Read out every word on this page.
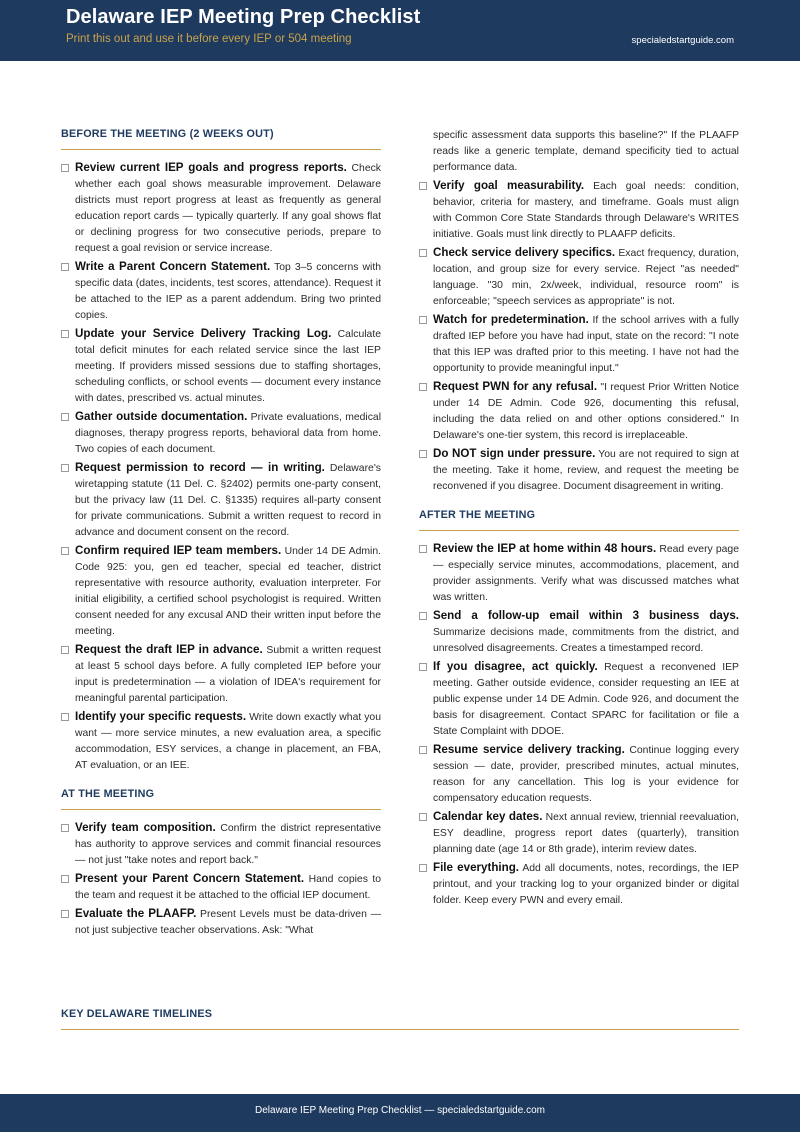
Delaware IEP Meeting Prep Checklist
Print this out and use it before every IEP or 504 meeting	specialedstartguide.com
BEFORE THE MEETING (2 WEEKS OUT)
Review current IEP goals and progress reports. Check whether each goal shows measurable improvement. Delaware districts must report progress at least as frequently as general education report cards — typically quarterly. If any goal shows flat or declining progress for two consecutive periods, prepare to request a goal revision or service increase.
Write a Parent Concern Statement. Top 3–5 concerns with specific data (dates, incidents, test scores, attendance). Request it be attached to the IEP as a parent addendum. Bring two printed copies.
Update your Service Delivery Tracking Log. Calculate total deficit minutes for each related service since the last IEP meeting. If providers missed sessions due to staffing shortages, scheduling conflicts, or school events — document every instance with dates, prescribed vs. actual minutes.
Gather outside documentation. Private evaluations, medical diagnoses, therapy progress reports, behavioral data from home. Two copies of each document.
Request permission to record — in writing. Delaware's wiretapping statute (11 Del. C. §2402) permits one-party consent, but the privacy law (11 Del. C. §1335) requires all-party consent for private communications. Submit a written request to record in advance and document consent on the record.
Confirm required IEP team members. Under 14 DE Admin. Code 925: you, gen ed teacher, special ed teacher, district representative with resource authority, evaluation interpreter. For initial eligibility, a certified school psychologist is required. Written consent needed for any excusal AND their written input before the meeting.
Request the draft IEP in advance. Submit a written request at least 5 school days before. A fully completed IEP before your input is predetermination — a violation of IDEA's requirement for meaningful parental participation.
Identify your specific requests. Write down exactly what you want — more service minutes, a new evaluation area, a specific accommodation, ESY services, a change in placement, an FBA, AT evaluation, or an IEE.
AT THE MEETING
Verify team composition. Confirm the district representative has authority to approve services and commit financial resources — not just "take notes and report back."
Present your Parent Concern Statement. Hand copies to the team and request it be attached to the official IEP document.
Evaluate the PLAAFP. Present Levels must be data-driven — not just subjective teacher observations. Ask: "What
specific assessment data supports this baseline?" If the PLAAFP reads like a generic template, demand specificity tied to actual performance data.
Verify goal measurability. Each goal needs: condition, behavior, criteria for mastery, and timeframe. Goals must align with Common Core State Standards through Delaware's WRITES initiative. Goals must link directly to PLAAFP deficits.
Check service delivery specifics. Exact frequency, duration, location, and group size for every service. Reject "as needed" language. "30 min, 2x/week, individual, resource room" is enforceable; "speech services as appropriate" is not.
Watch for predetermination. If the school arrives with a fully drafted IEP before you have had input, state on the record: "I note that this IEP was drafted prior to this meeting. I have not had the opportunity to provide meaningful input."
Request PWN for any refusal. "I request Prior Written Notice under 14 DE Admin. Code 926, documenting this refusal, including the data relied on and other options considered." In Delaware's one-tier system, this record is irreplaceable.
Do NOT sign under pressure. You are not required to sign at the meeting. Take it home, review, and request the meeting be reconvened if you disagree. Document disagreement in writing.
AFTER THE MEETING
Review the IEP at home within 48 hours. Read every page — especially service minutes, accommodations, placement, and provider assignments. Verify what was discussed matches what was written.
Send a follow-up email within 3 business days. Summarize decisions made, commitments from the district, and unresolved disagreements. Creates a timestamped record.
If you disagree, act quickly. Request a reconvened IEP meeting. Gather outside evidence, consider requesting an IEE at public expense under 14 DE Admin. Code 926, and document the basis for disagreement. Contact SPARC for facilitation or file a State Complaint with DDOE.
Resume service delivery tracking. Continue logging every session — date, provider, prescribed minutes, actual minutes, reason for any cancellation. This log is your evidence for compensatory education requests.
Calendar key dates. Next annual review, triennial reevaluation, ESY deadline, progress report dates (quarterly), transition planning date (age 14 or 8th grade), interim review dates.
File everything. Add all documents, notes, recordings, the IEP printout, and your tracking log to your organized binder or digital folder. Keep every PWN and every email.
KEY DELAWARE TIMELINES
Delaware IEP Meeting Prep Checklist — specialedstartguide.com
